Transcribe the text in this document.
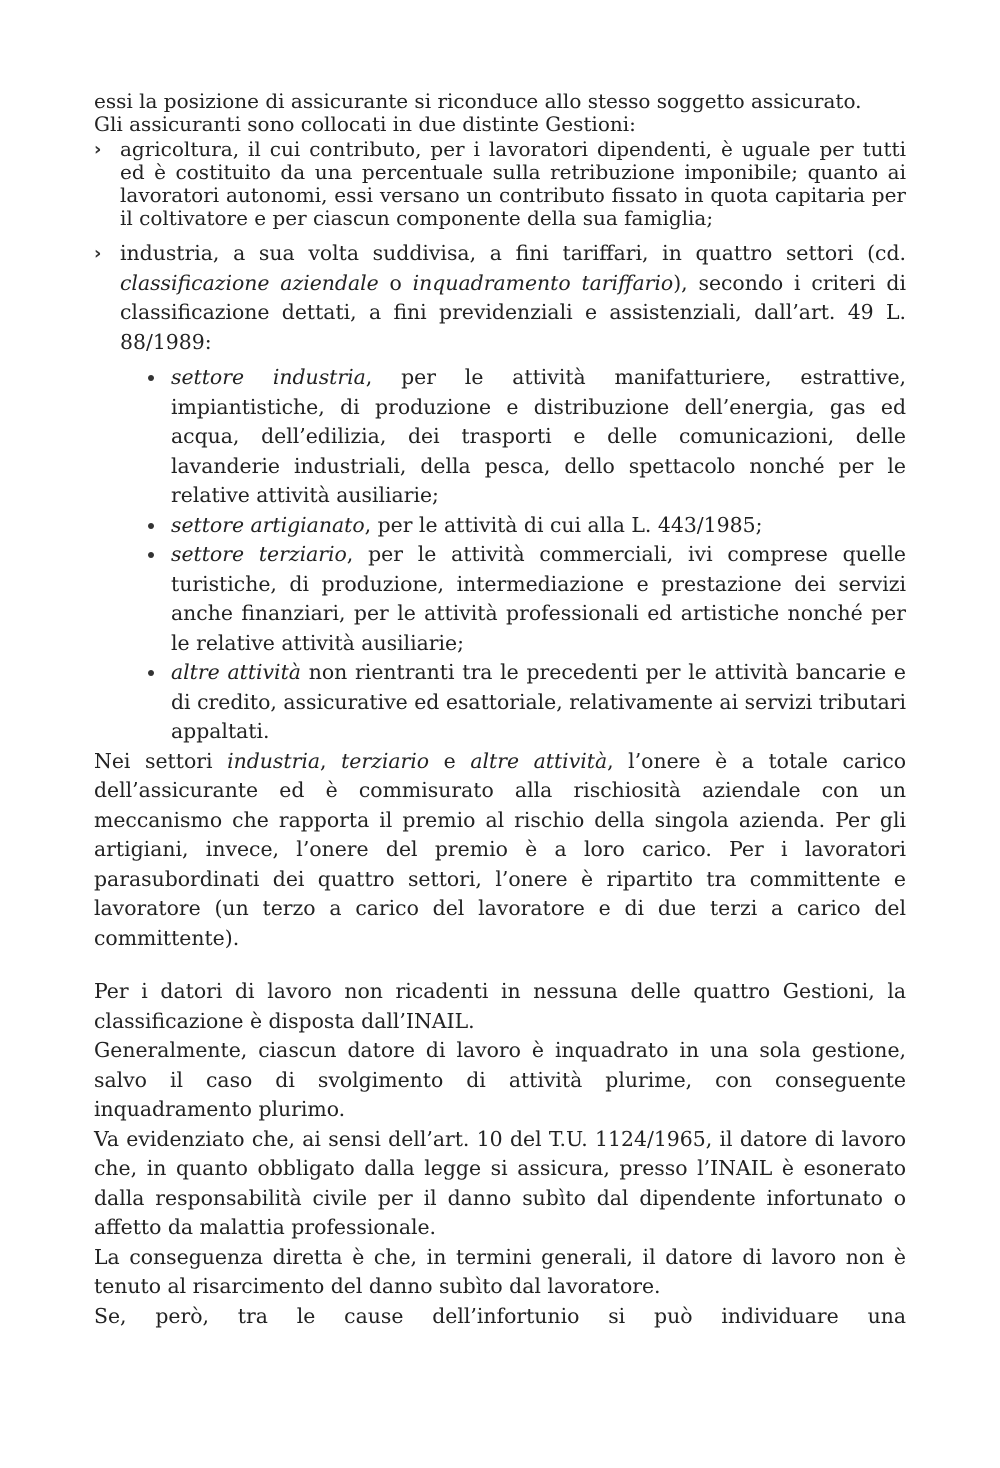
essi la posizione di assicurante si riconduce allo stesso soggetto assicurato.

Gli assicuranti sono collocati in due distinte Gestioni:

›
agricoltura, il cui contributo, per i lavoratori dipendenti, è uguale per tutti ed è costituito da una percentuale sulla retribuzione imponibile; quanto ai lavoratori autonomi, essi versano un contributo fissato in quota capitaria per il coltivatore e per ciascun componente della sua famiglia;
›
industria, a sua volta suddivisa, a fini tariffari, in quattro settori (cd. classificazione aziendale o inquadramento tariffario), secondo i criteri di classificazione dettati, a fini previdenziali e assistenziali, dall’art. 49 L. 88/1989:
settore industria, per le attività manifatturiere, estrattive, impiantistiche, di produzione e distribuzione dell’energia, gas ed acqua, dell’edilizia, dei trasporti e delle comunicazioni, delle lavanderie industriali, della pesca, dello spettacolo nonché per le relative attività ausiliarie;
settore artigianato, per le attività di cui alla L. 443/1985;
settore terziario, per le attività commerciali, ivi comprese quelle turistiche, di produzione, intermediazione e prestazione dei servizi anche finanziari, per le attività professionali ed artistiche nonché per le relative attività ausiliarie;
altre attività non rientranti tra le precedenti per le attività bancarie e di credito, assicurative ed esattoriale, relativamente ai servizi tributari appaltati.

Nei settori industria, terziario e altre attività, l’onere è a totale carico dell’assicurante ed è commisurato alla rischiosità aziendale con un meccanismo che rapporta il premio al rischio della singola azienda. Per gli artigiani, invece, l’onere del premio è a loro carico. Per i lavoratori parasubordinati dei quattro settori, l’onere è ripartito tra committente e lavoratore (un terzo a carico del lavoratore e di due terzi a carico del committente).

Per i datori di lavoro non ricadenti in nessuna delle quattro Gestioni, la classificazione è disposta dall’INAIL.

Generalmente, ciascun datore di lavoro è inquadrato in una sola gestione, salvo il caso di svolgimento di attività plurime, con conseguente inquadramento plurimo.

Va evidenziato che, ai sensi dell’art. 10 del T.U. 1124/1965, il datore di lavoro che, in quanto obbligato dalla legge si assicura, presso l’INAIL è esonerato dalla responsabilità civile per il danno subìto dal dipendente infortunato o affetto da malattia professionale.

La conseguenza diretta è che, in termini generali, il datore di lavoro non è tenuto al risarcimento del danno subìto dal lavoratore.

Se, però, tra le cause dell’infortunio si può individuare una
